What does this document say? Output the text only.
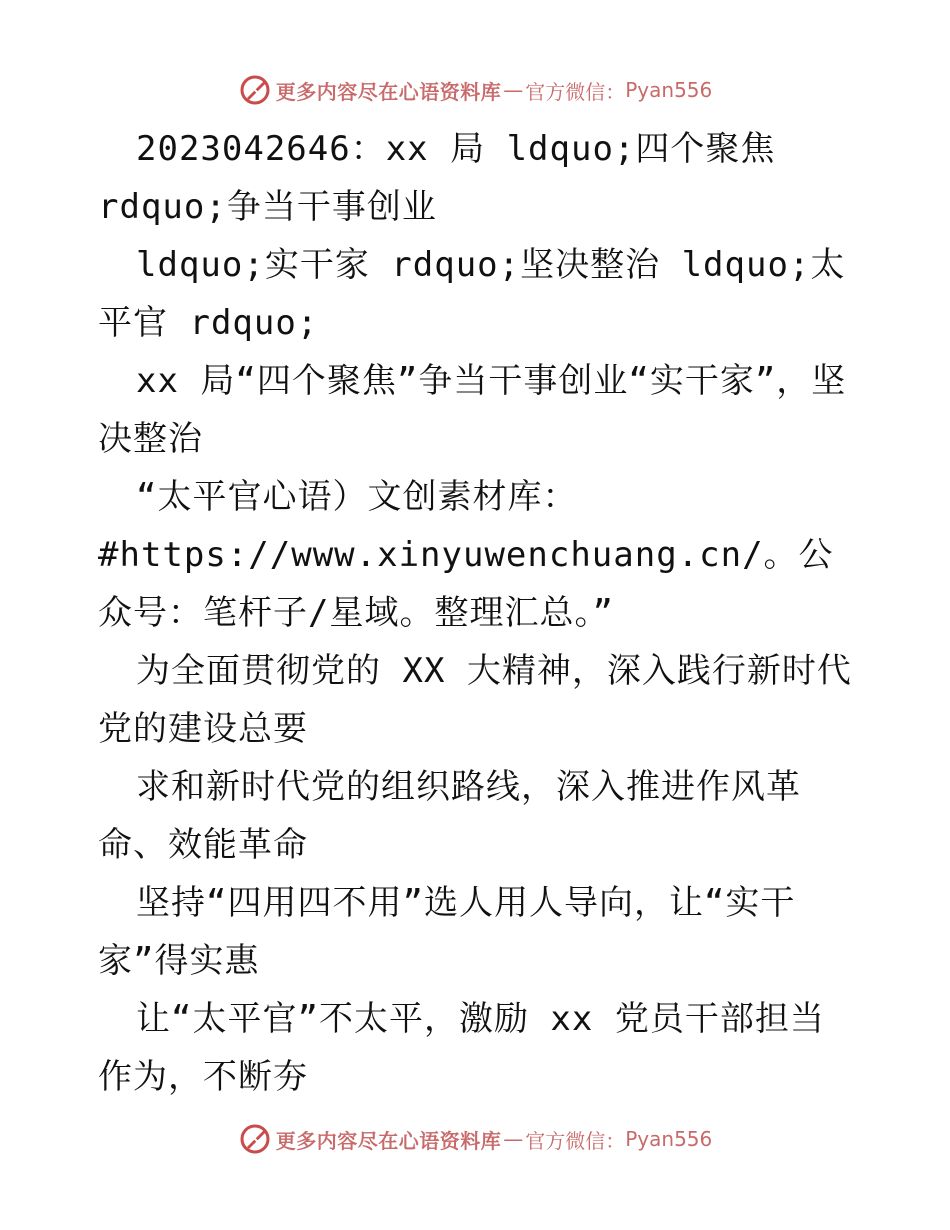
更多内容尽在心语资料库 — 官方微信： Pyan556

2023042646：xx 局 ldquo;四个聚焦 rdquo;争当干事创业

ldquo;实干家 rdquo;坚决整治 ldquo;太平官 rdquo;

xx 局“四个聚焦”争当干事创业“实干家”，坚决整治

“太平官心语）文创素材库：#https://www.xinyuwenchuang.cn/。公众号：笔杆子/星域。整理汇总。”

为全面贯彻党的 XX 大精神，深入践行新时代党的建设总要

求和新时代党的组织路线，深入推进作风革命、效能革命

坚持“四用四不用”选人用人导向，让“实干家”得实惠

让“太平官”不太平，激励 xx 党员干部担当作为，不断夯

更多内容尽在心语资料库 — 官方微信： Pyan556
